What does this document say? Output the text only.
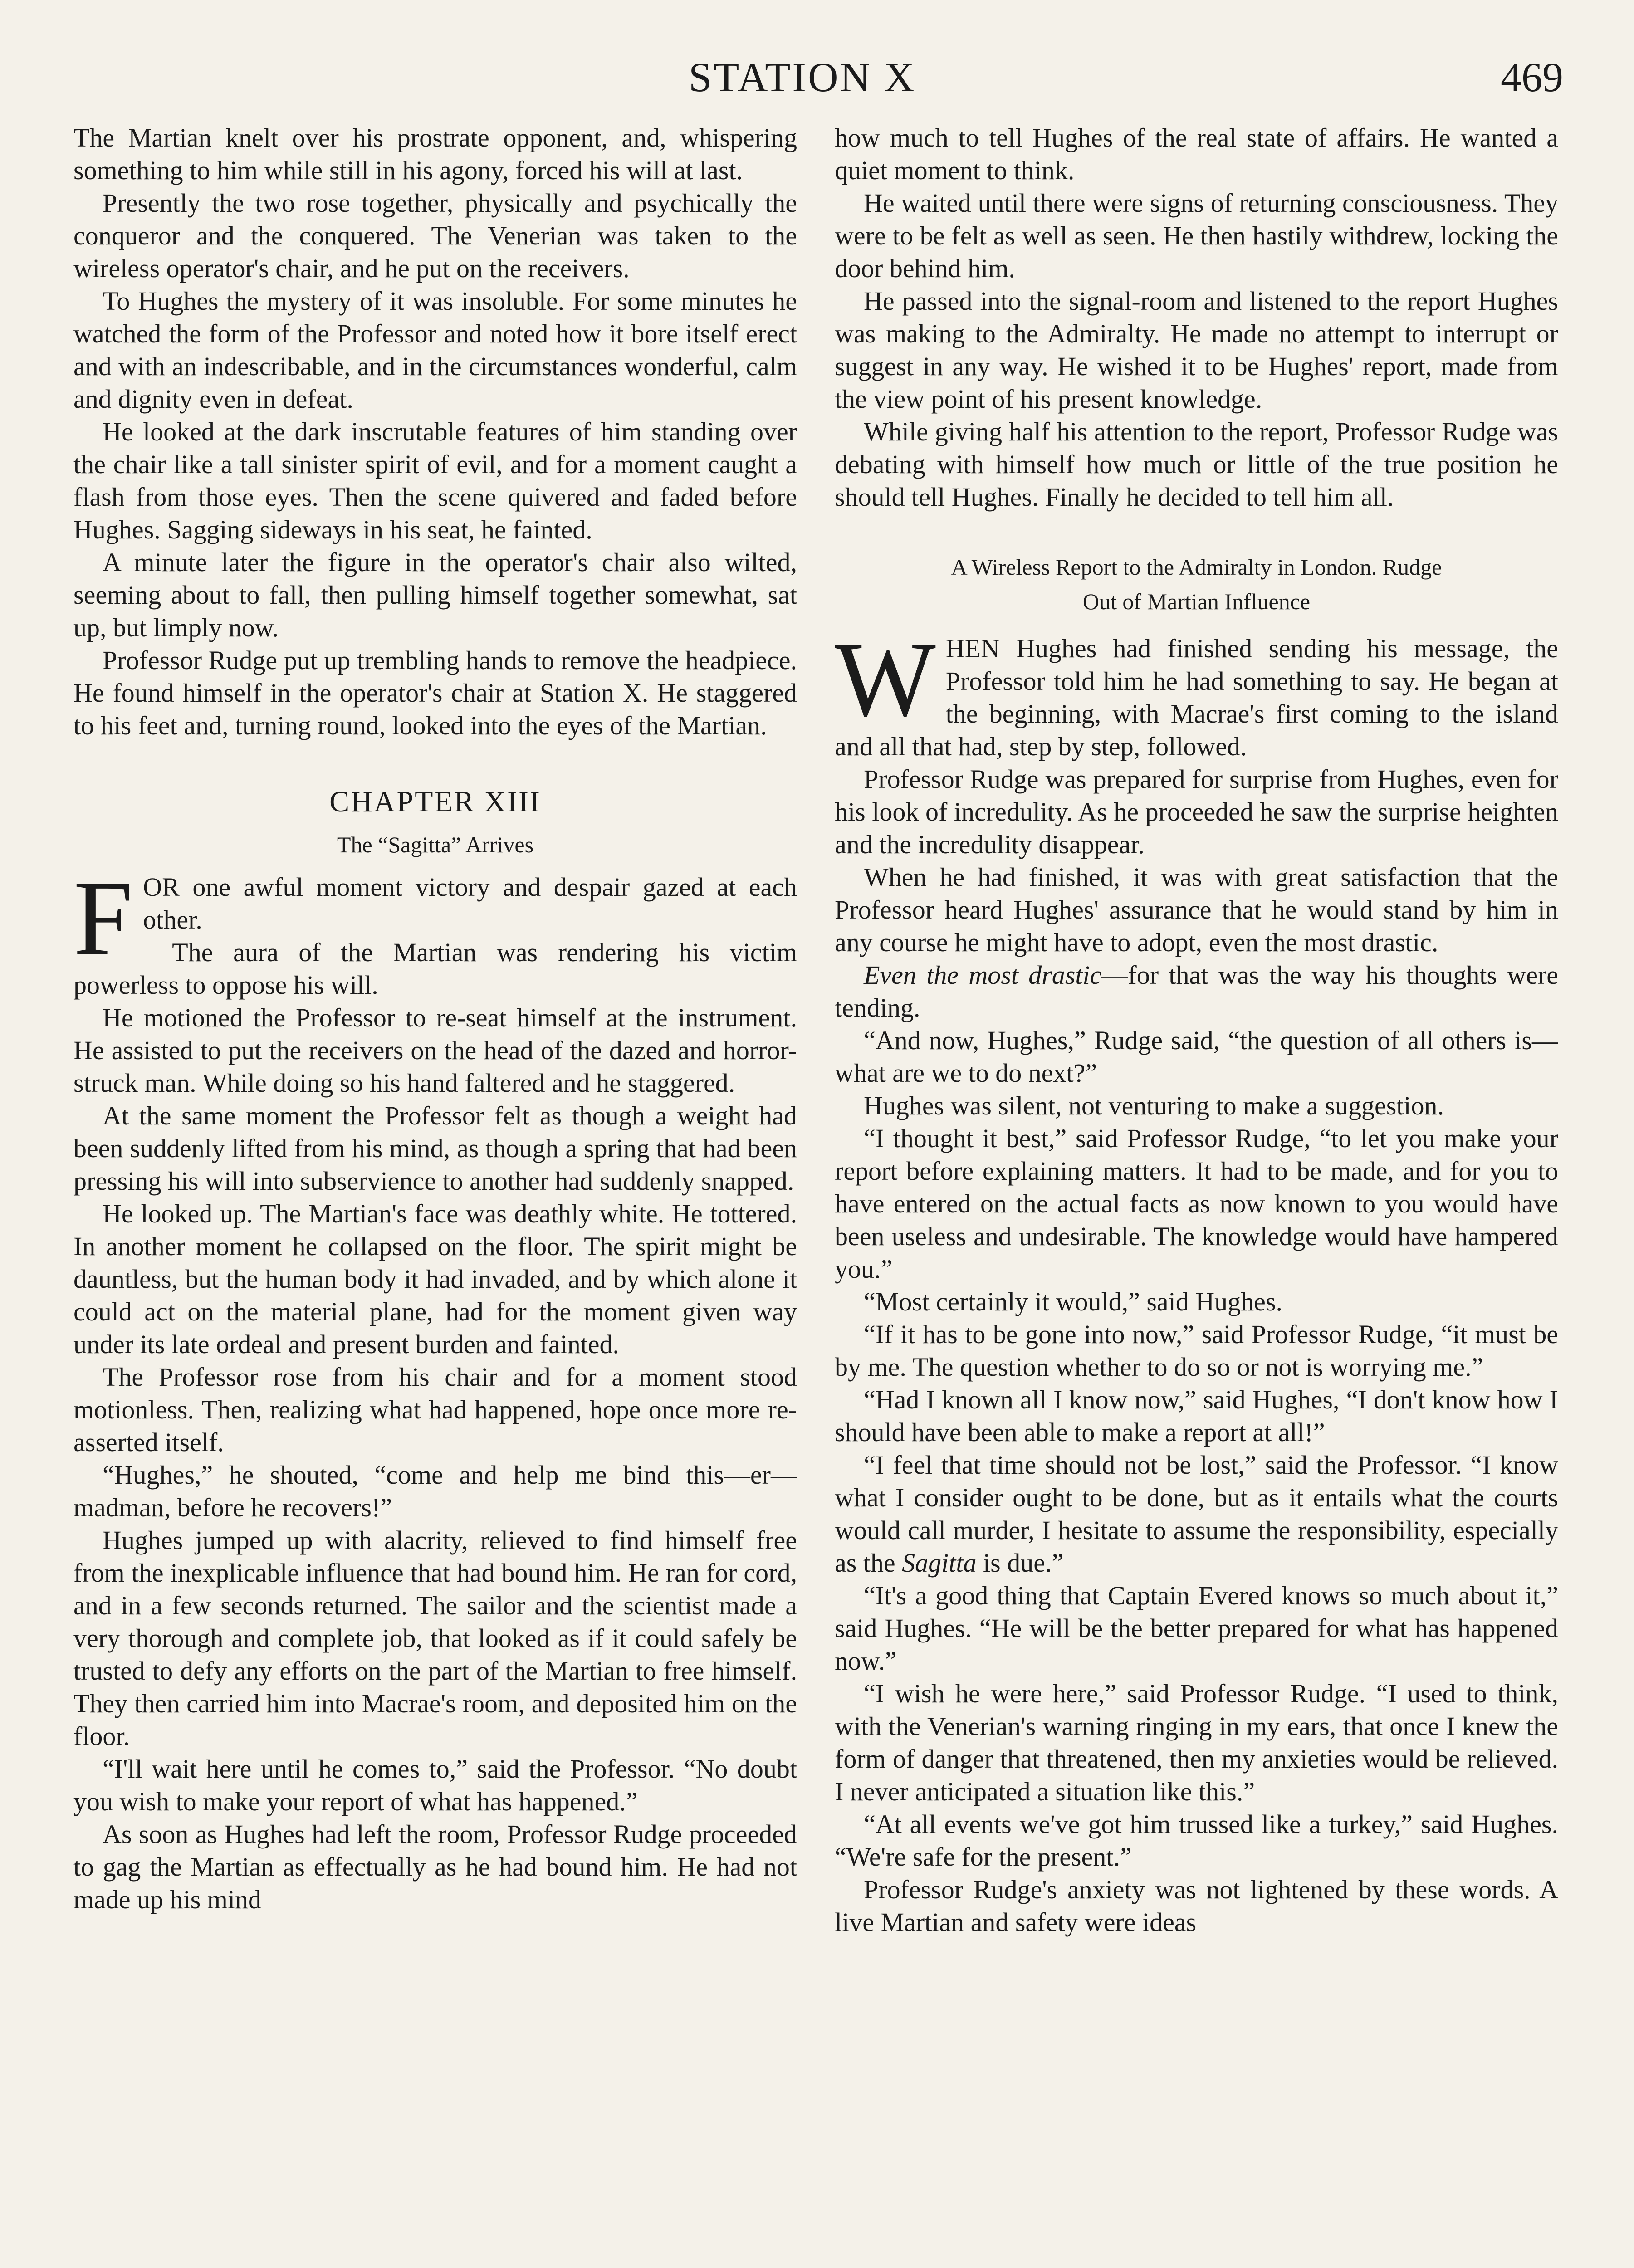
STATION X	469

The Martian knelt over his prostrate opponent, and, whispering something to him while still in his agony, forced his will at last.

Presently the two rose together, physically and psychically the conqueror and the conquered. The Venerian was taken to the wireless operator's chair, and he put on the receivers.

To Hughes the mystery of it was insoluble. For some minutes he watched the form of the Professor and noted how it bore itself erect and with an indescribable, and in the circumstances wonderful, calm and dignity even in defeat.

He looked at the dark inscrutable features of him standing over the chair like a tall sinister spirit of evil, and for a moment caught a flash from those eyes. Then the scene quivered and faded before Hughes. Sagging sideways in his seat, he fainted.

A minute later the figure in the operator's chair also wilted, seeming about to fall, then pulling himself together somewhat, sat up, but limply now.

Professor Rudge put up trembling hands to remove the headpiece. He found himself in the operator's chair at Station X. He staggered to his feet and, turning round, looked into the eyes of the Martian.

CHAPTER XIII
The “Sagitta” Arrives

FOR one awful moment victory and despair gazed at each other.

The aura of the Martian was rendering his victim powerless to oppose his will.

He motioned the Professor to re-seat himself at the instrument. He assisted to put the receivers on the head of the dazed and horror-struck man. While doing so his hand faltered and he staggered.

At the same moment the Professor felt as though a weight had been suddenly lifted from his mind, as though a spring that had been pressing his will into subservience to another had suddenly snapped.

He looked up. The Martian's face was deathly white. He tottered. In another moment he collapsed on the floor. The spirit might be dauntless, but the human body it had invaded, and by which alone it could act on the material plane, had for the moment given way under its late ordeal and present burden and fainted.

The Professor rose from his chair and for a moment stood motionless. Then, realizing what had happened, hope once more re-asserted itself.

“Hughes,” he shouted, “come and help me bind this—er—madman, before he recovers!”

Hughes jumped up with alacrity, relieved to find himself free from the inexplicable influence that had bound him. He ran for cord, and in a few seconds returned. The sailor and the scientist made a very thorough and complete job, that looked as if it could safely be trusted to defy any efforts on the part of the Martian to free himself. They then carried him into Macrae's room, and deposited him on the floor.

“I'll wait here until he comes to,” said the Professor. “No doubt you wish to make your report of what has happened.”

As soon as Hughes had left the room, Professor Rudge proceeded to gag the Martian as effectually as he had bound him. He had not made up his mind

how much to tell Hughes of the real state of affairs. He wanted a quiet moment to think.

He waited until there were signs of returning consciousness. They were to be felt as well as seen. He then hastily withdrew, locking the door behind him.

He passed into the signal-room and listened to the report Hughes was making to the Admiralty. He made no attempt to interrupt or suggest in any way. He wished it to be Hughes' report, made from the view point of his present knowledge.

While giving half his attention to the report, Professor Rudge was debating with himself how much or little of the true position he should tell Hughes. Finally he decided to tell him all.

A Wireless Report to the Admiralty in London. Rudge
Out of Martian Influence

WHEN Hughes had finished sending his message, the Professor told him he had something to say. He began at the beginning, with Macrae's first coming to the island and all that had, step by step, followed.

Professor Rudge was prepared for surprise from Hughes, even for his look of incredulity. As he proceeded he saw the surprise heighten and the incredulity disappear.

When he had finished, it was with great satisfaction that the Professor heard Hughes' assurance that he would stand by him in any course he might have to adopt, even the most drastic.

Even the most drastic—for that was the way his thoughts were tending.

“And now, Hughes,” Rudge said, “the question of all others is—what are we to do next?”

Hughes was silent, not venturing to make a suggestion.

“I thought it best,” said Professor Rudge, “to let you make your report before explaining matters. It had to be made, and for you to have entered on the actual facts as now known to you would have been useless and undesirable. The knowledge would have hampered you.”

“Most certainly it would,” said Hughes.

“If it has to be gone into now,” said Professor Rudge, “it must be by me. The question whether to do so or not is worrying me.”

“Had I known all I know now,” said Hughes, “I don't know how I should have been able to make a report at all!”

“I feel that time should not be lost,” said the Professor. “I know what I consider ought to be done, but as it entails what the courts would call murder, I hesitate to assume the responsibility, especially as the Sagitta is due.”

“It's a good thing that Captain Evered knows so much about it,” said Hughes. “He will be the better prepared for what has happened now.”

“I wish he were here,” said Professor Rudge. “I used to think, with the Venerian's warning ringing in my ears, that once I knew the form of danger that threatened, then my anxieties would be relieved. I never anticipated a situation like this.”

“At all events we've got him trussed like a turkey,” said Hughes. “We're safe for the present.”

Professor Rudge's anxiety was not lightened by these words. A live Martian and safety were ideas
